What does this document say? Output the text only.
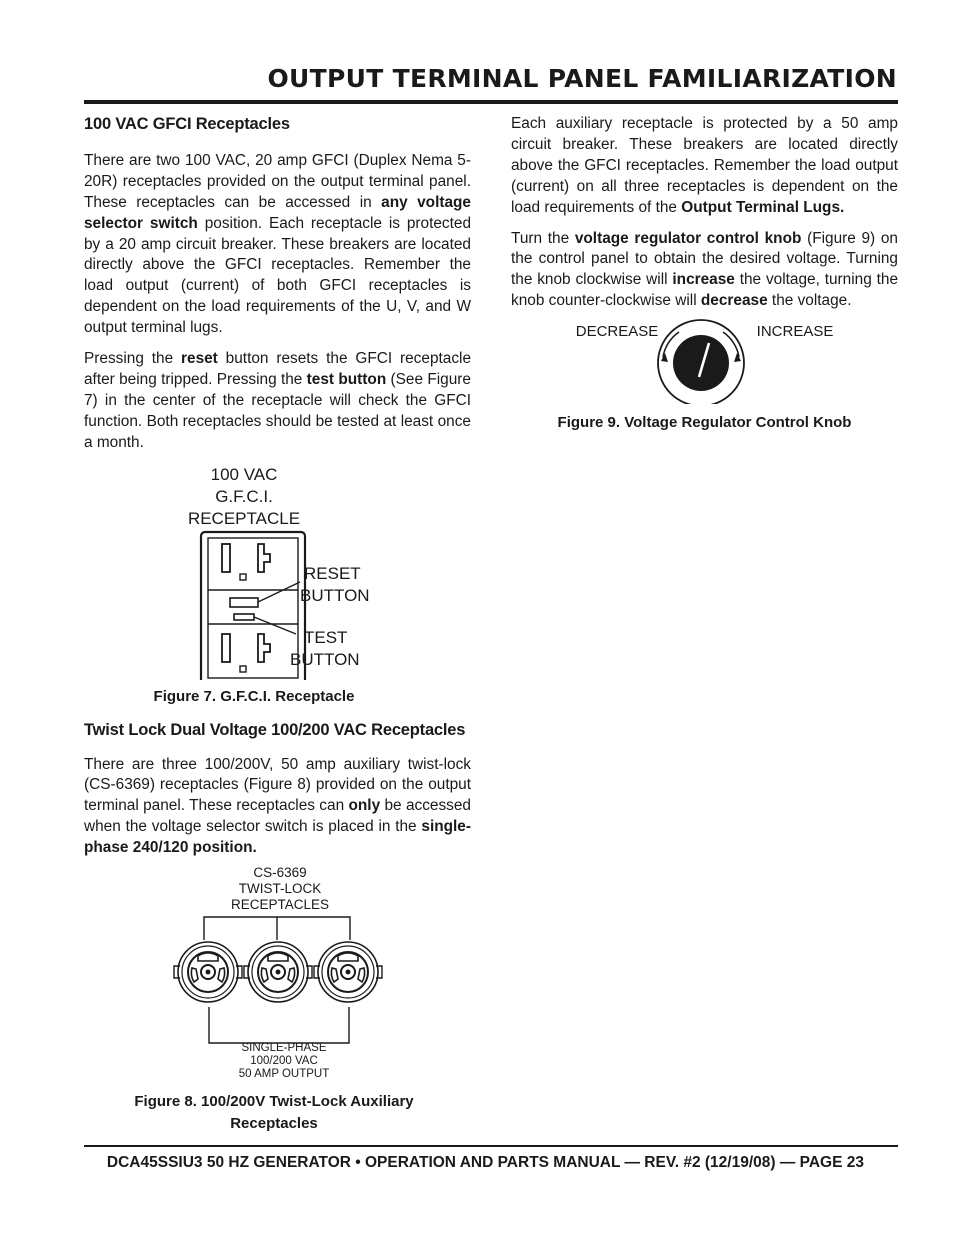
OUTPUT TERMINAL PANEL FAMILIARIZATION
100 VAC GFCI Receptacles

There are two 100 VAC, 20 amp GFCI (Duplex Nema 5-20R) receptacles provided on the output terminal panel. These receptacles can be accessed in any voltage selector switch position. Each receptacle is protected by a 20 amp circuit breaker. These breakers are located directly above the GFCI receptacles. Remember the load output (current) of both GFCI receptacles is dependent on the load requirements of the U, V, and W output terminal lugs.

Pressing the reset button resets the GFCI receptacle after being tripped. Pressing the test button (See Figure 7) in the center of the receptacle will check the GFCI function. Both receptacles should be tested at least once a month.

100 VAC
G.F.C.I.
RECEPTACLE
RESET
BUTTON
TEST
BUTTON
Figure 7. G.F.C.I. Receptacle
Twist Lock Dual Voltage 100/200 VAC Receptacles

There are three 100/200V, 50 amp auxiliary twist-lock (CS-6369) receptacles (Figure 8) provided on the output terminal panel. These receptacles can only be accessed when the voltage selector switch is placed in the single-phase 240/120 position.

CS-6369
TWIST-LOCK
RECEPTACLES
SINGLE-PHASE
100/200 VAC
50 AMP OUTPUT
Figure 8. 100/200V Twist-Lock Auxiliary
Receptacles

Each auxiliary receptacle is protected by a 50 amp circuit breaker. These breakers are located directly above the GFCI receptacles. Remember the load output (current) on all three receptacles is dependent on the load requirements of the Output Terminal Lugs.

Turn the voltage regulator control knob (Figure 9) on the control panel to obtain the desired voltage. Turning the knob clockwise will increase the voltage, turning the knob counter-clockwise will decrease the voltage.

DECREASE	INCREASE
Figure 9. Voltage Regulator Control Knob
DCA45SSIU3 50 HZ GENERATOR • OPERATION AND PARTS MANUAL — REV. #2 (12/19/08) — PAGE 23
